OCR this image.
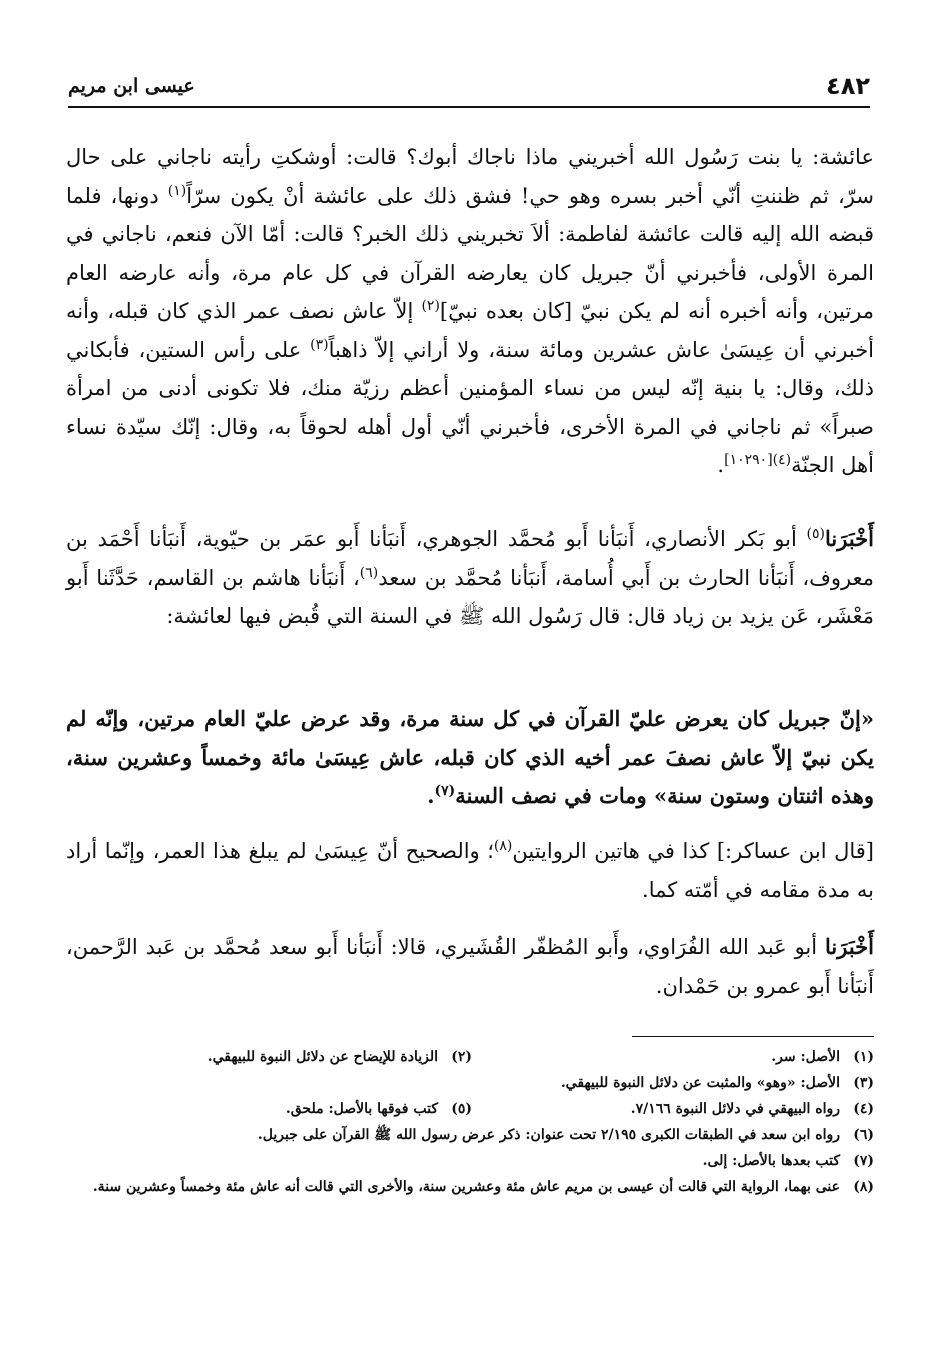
٤٨٢
عيسى ابن مريم
عائشة: يا بنت رَسُول الله أخبريني ماذا ناجاك أبوك؟ قالت: أوشكتِ رأيته ناجاني على حال سرّ، ثم ظننتِ أنّي أخبر بسره وهو حي! فشق ذلك على عائشة أنْ يكون سرّاً$^{(١)}$ دونها، فلما قبضه الله إليه قالت عائشة لفاطمة: ألاَ تخبريني ذلك الخبر؟ قالت: أمّا الآن فنعم، ناجاني في المرة الأولى، فأخبرني أنّ جبريل كان يعارضه القرآن في كل عام مرة، وأنه عارضه العام مرتين، وأنه أخبره أنه لم يكن نبيّ [كان بعده نبيّ]$^{(٢)}$ إلاّ عاش نصف عمر الذي كان قبله، وأنه أخبرني أن عِيسَىٰ عاش عشرين ومائة سنة، ولا أراني إلاّ ذاهباً$^{(٣)}$ على رأس الستين، فأبكاني ذلك، وقال: يا بنية إنّه ليس من نساء المؤمنين أعظم رزيّة منك، فلا تكونى أدنى من امرأة صبراً» ثم ناجاني في المرة الأخرى، فأخبرني أنّي أول أهله لحوقاً به، وقال: إنّك سيّدة نساء أهل الجنّة$^{(٤)[١٠٢٩٠]}$.
أَخْبَرَنا$^{(٥)}$ أبو بَكر الأنصاري، أَنبَأنا أَبو مُحمَّد الجوهري، أَنبَأنا أَبو عمَر بن حيّوية، أَنبَأنا أَحْمَد بن معروف، أَنبَأنا الحارث بن أَبي أُسامة، أَنبَأنا مُحمَّد بن سعد$^{(٦)}$، أَنبَأنا هاشم بن القاسم، حَدَّثَنا أَبو مَعْشَر، عَن يزيد بن زياد قال: قال رَسُول الله ﷺ في السنة التي قُبض فيها لعائشة:
«إنّ جبريل كان يعرض عليّ القرآن في كل سنة مرة، وقد عرض عليّ العام مرتين، وإنّه لم يكن نبيّ إلاّ عاش نصفَ عمر أخيه الذي كان قبله، عاش عِيسَىٰ مائة وخمساً وعشرين سنة، وهذه اثنتان وستون سنة» ومات في نصف السنة$^{(٧)}$.
[قال ابن عساكر:] كذا في هاتين الروايتين$^{(٨)}$؛ والصحيح أنّ عِيسَىٰ لم يبلغ هذا العمر، وإنّما أراد به مدة مقامه في أمّته كما.
أَخْبَرَنا أبو عَبد الله الفُرَاوي، وأَبو المُظفّر القُشَيري، قالا: أَنبَأنا أَبو سعد مُحمَّد بن عَبد الرَّحمن، أَنبَأنا أَبو عمرو بن حَمْدان.
(١)
الأصل: سر.
(٢)
الزيادة للإيضاح عن دلائل النبوة للبيهقي.
(٣)
الأصل: «وهو» والمثبت عن دلائل النبوة للبيهقي.
(٤)
رواه البيهقي في دلائل النبوة ٧/١٦٦.
(٥)
كتب فوقها بالأصل: ملحق.
(٦)
رواه ابن سعد في الطبقات الكبرى ٢/١٩٥ تحت عنوان: ذكر عرض رسول الله ﷺ القرآن على جبريل.
(٧)
كتب بعدها بالأصل: إلى.
(٨)
عنى بهما، الرواية التي قالت أن عيسى بن مريم عاش مئة وعشرين سنة، والأخرى التي قالت أنه عاش مئة وخمساً وعشرين سنة.
